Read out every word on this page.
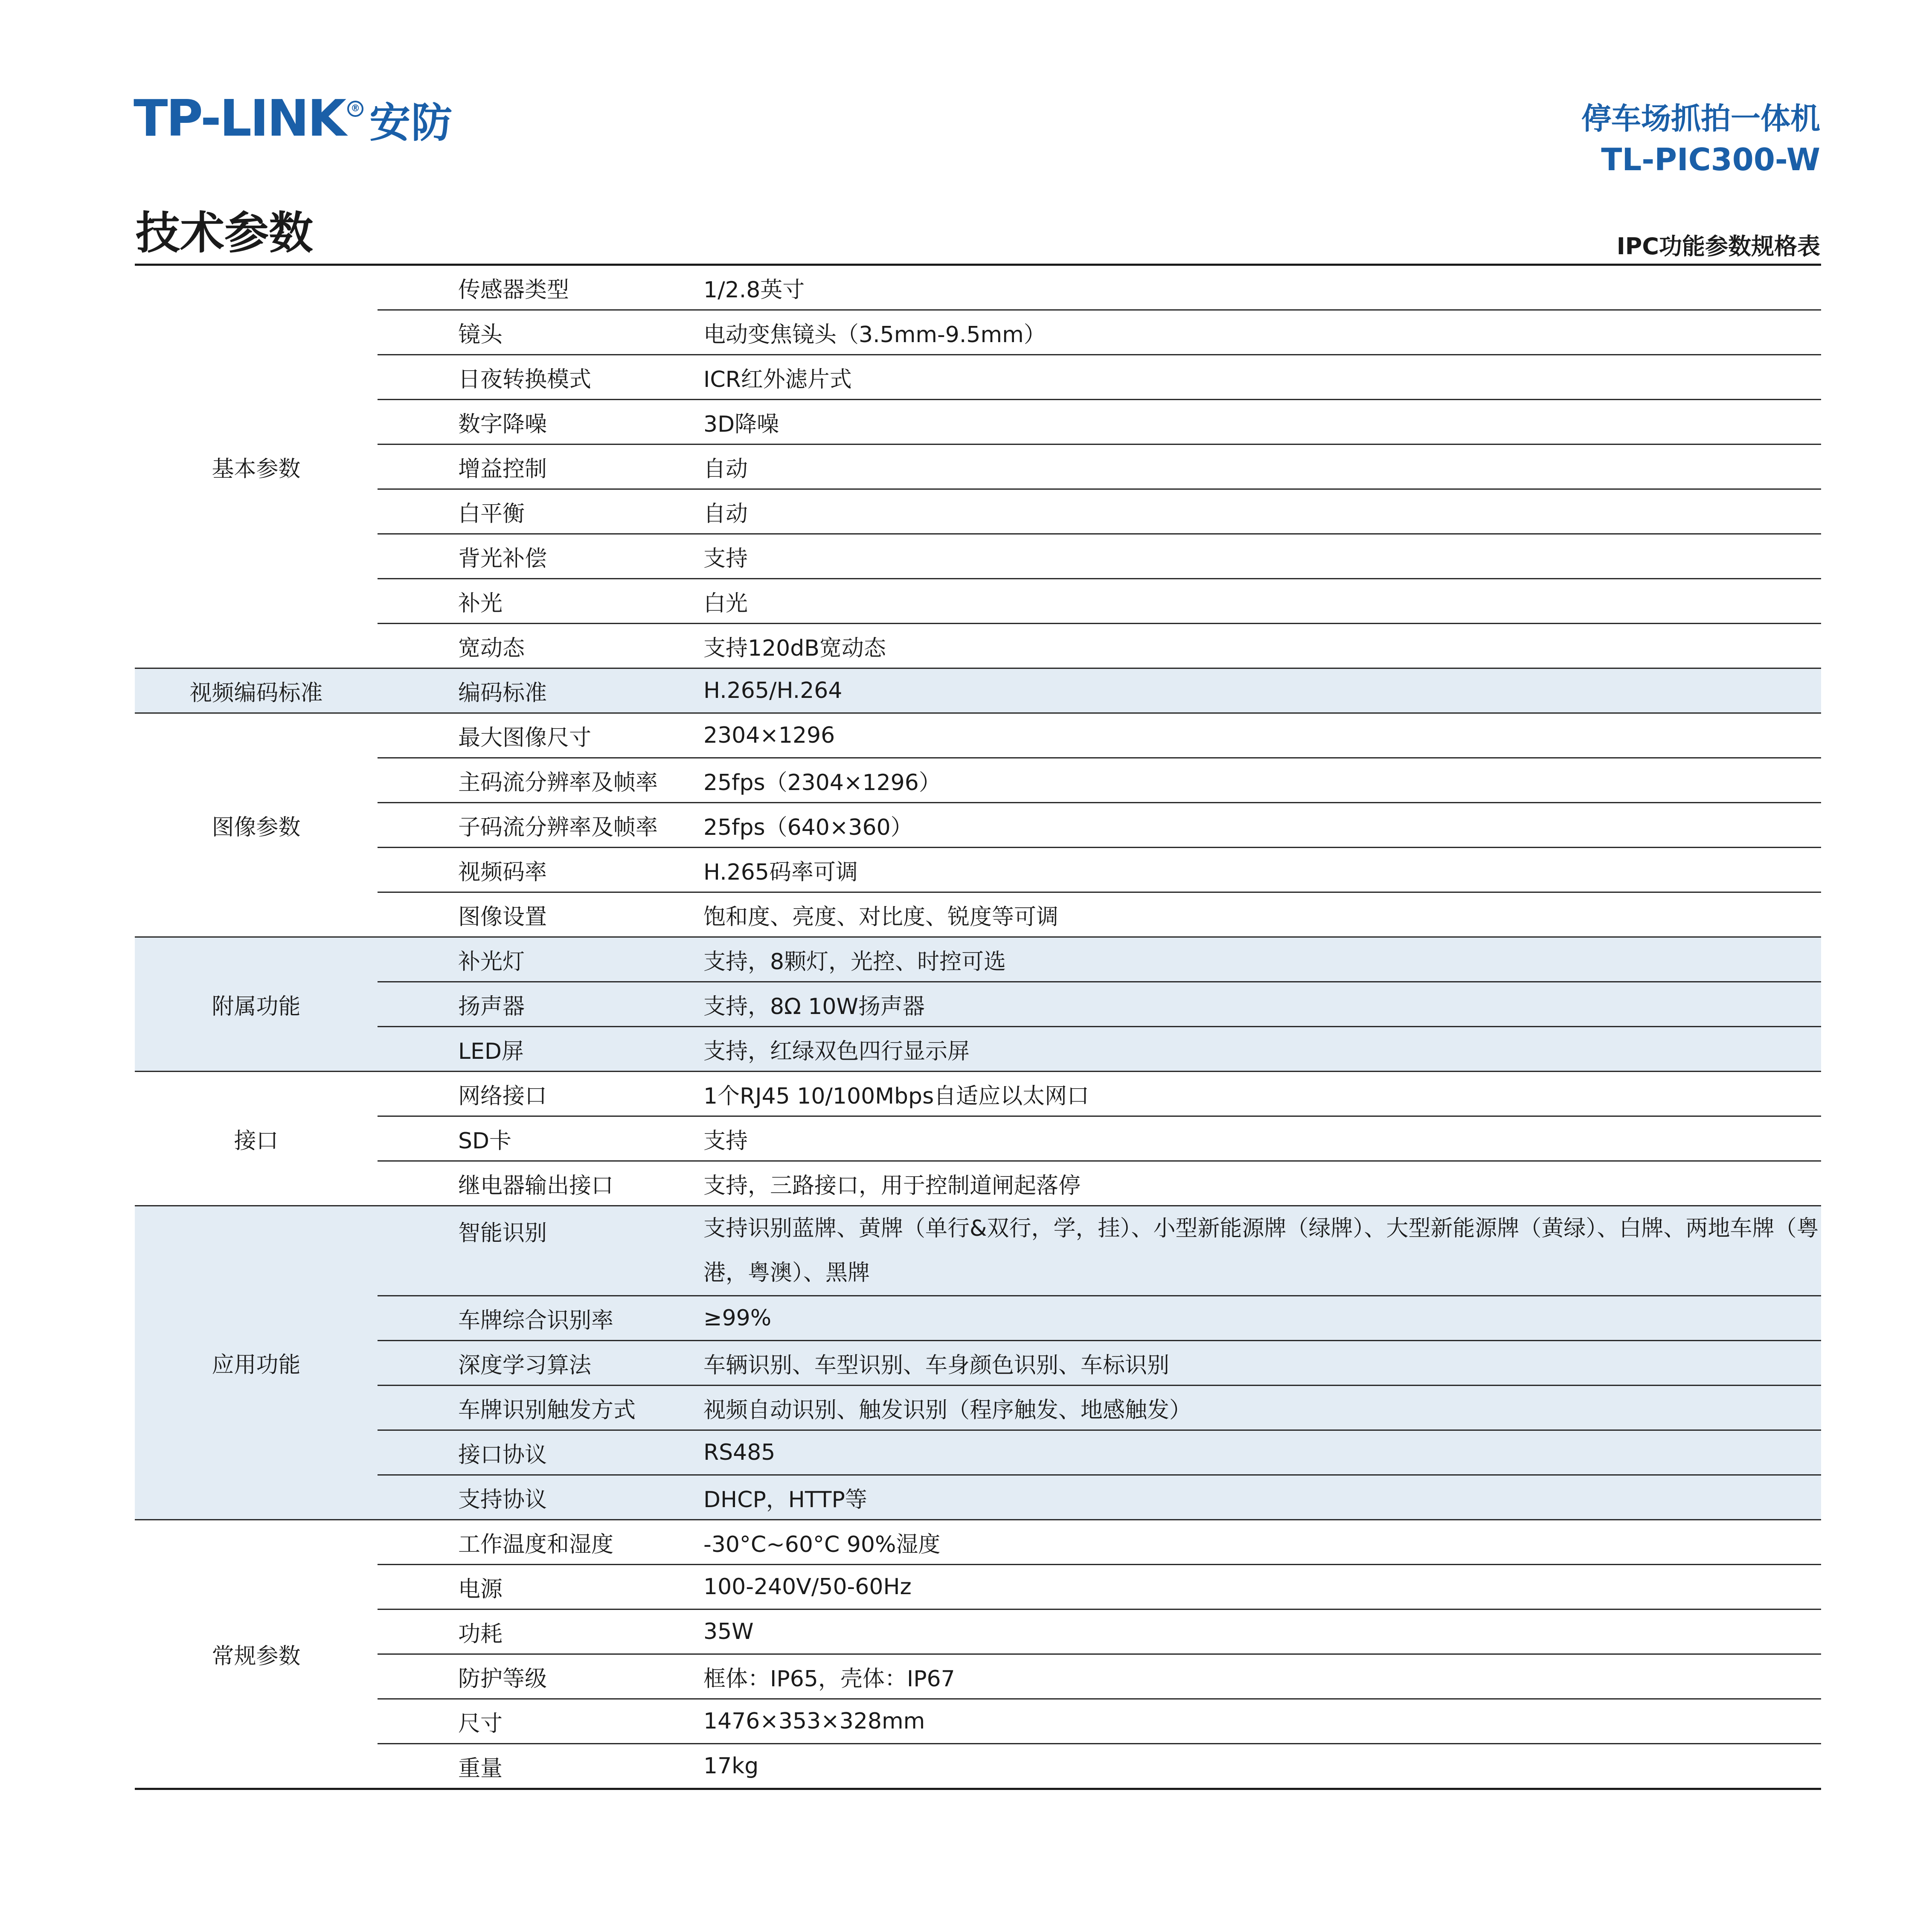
TP-LINK ® 安防	停车场抓拍一体机
TL-PIC300-W
技术参数	IPC功能参数规格表
基本参数	传感器类型	1/2.8英寸
	镜头	电动变焦镜头（3.5mm-9.5mm）
	日夜转换模式	ICR红外滤片式
	数字降噪	3D降噪
	增益控制	自动
	白平衡	自动
	背光补偿	支持
	补光	白光
	宽动态	支持120dB宽动态
视频编码标准	编码标准	H.265/H.264
图像参数	最大图像尺寸	2304×1296
	主码流分辨率及帧率	25fps（2304×1296）
	子码流分辨率及帧率	25fps（640×360）
	视频码率	H.265码率可调
	图像设置	饱和度、亮度、对比度、锐度等可调
附属功能	补光灯	支持，8颗灯，光控、时控可选
	扬声器	支持，8Ω 10W扬声器
	LED屏	支持，红绿双色四行显示屏
接口	网络接口	1个RJ45 10/100Mbps自适应以太网口
	SD卡	支持
	继电器输出接口	支持，三路接口，用于控制道闸起落停
应用功能	智能识别	支持识别蓝牌、黄牌（单行&双行，学，挂）、小型新能源牌（绿牌）、大型新能源牌（黄绿）、白牌、两地车牌（粤港，粤澳）、黑牌
	车牌综合识别率	≥99%
	深度学习算法	车辆识别、车型识别、车身颜色识别、车标识别
	车牌识别触发方式	视频自动识别、触发识别（程序触发、地感触发）
	接口协议	RS485
	支持协议	DHCP，HTTP等
常规参数	工作温度和湿度	-30°C~60°C 90%湿度
	电源	100-240V/50-60Hz
	功耗	35W
	防护等级	框体：IP65，壳体：IP67
	尺寸	1476×353×328mm
	重量	17kg
